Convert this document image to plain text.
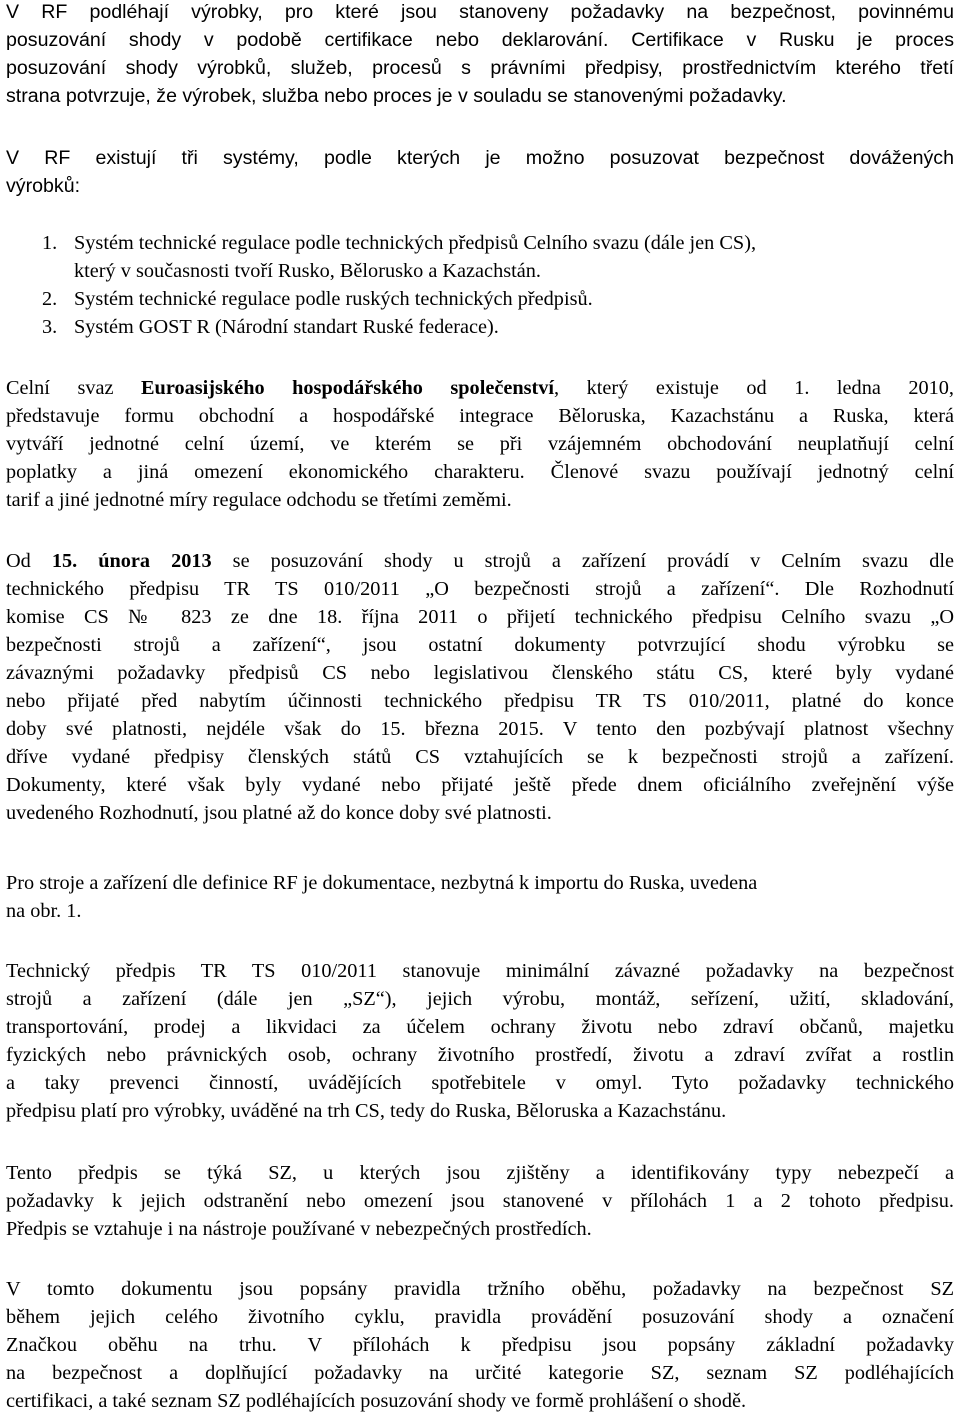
V RF podléhají výrobky, pro které jsou stanoveny požadavky na bezpečnost, povinnému
posuzování shody v podobě certifikace nebo deklarování. Certifikace v Rusku je proces
posuzování shody výrobků, služeb, procesů s právními předpisy, prostřednictvím kterého třetí
strana potvrzuje, že výrobek, služba nebo proces je v souladu se stanovenými požadavky.
V RF existují tři systémy, podle kterých je možno posuzovat bezpečnost dovážených
výrobků:
1. Systém technické regulace podle technických předpisů Celního svazu (dále jen CS),
který v současnosti tvoří Rusko, Bělorusko a Kazachstán.
2. Systém technické regulace podle ruských technických předpisů.
3. Systém GOST R (Národní standart Ruské federace).
Celní svaz Euroasijského hospodářského společenství, který existuje od 1. ledna 2010,
představuje formu obchodní a hospodářské integrace Běloruska, Kazachstánu a Ruska, která
vytváří jednotné celní území, ve kterém se při vzájemném obchodování neuplatňují celní
poplatky a jiná omezení ekonomického charakteru. Členové svazu používají jednotný celní
tarif a jiné jednotné míry regulace odchodu se třetími zeměmi.
Od 15. února 2013 se posuzování shody u strojů a zařízení provádí v Celním svazu dle
technického předpisu TR TS 010/2011 „O bezpečnosti strojů a zařízení“. Dle Rozhodnutí
komise CS № 823 ze dne 18. října 2011 o přijetí technického předpisu Celního svazu „O
bezpečnosti strojů a zařízení“, jsou ostatní dokumenty potvrzující shodu výrobku se
závaznými požadavky předpisů CS nebo legislativou členského státu CS, které byly vydané
nebo přijaté před nabytím účinnosti technického předpisu TR TS 010/2011, platné do konce
doby své platnosti, nejdéle však do 15. března 2015. V tento den pozbývají platnost všechny
dříve vydané předpisy členských států CS vztahujících se k bezpečnosti strojů a zařízení.
Dokumenty, které však byly vydané nebo přijaté ještě přede dnem oficiálního zveřejnění výše
uvedeného Rozhodnutí, jsou platné až do konce doby své platnosti.
Pro stroje a zařízení dle definice RF je dokumentace, nezbytná k importu do Ruska, uvedena
na obr. 1.
Technický předpis TR TS 010/2011 stanovuje minimální závazné požadavky na bezpečnost
strojů a zařízení (dále jen „SZ“), jejich výrobu, montáž, seřízení, užití, skladování,
transportování, prodej a likvidaci za účelem ochrany životu nebo zdraví občanů, majetku
fyzických nebo právnických osob, ochrany životního prostředí, životu a zdraví zvířat a rostlin
a taky prevenci činností, uvádějících spotřebitele v omyl. Tyto požadavky technického
předpisu platí pro výrobky, uváděné na trh CS, tedy do Ruska, Běloruska a Kazachstánu.
Tento předpis se týká SZ, u kterých jsou zjištěny a identifikovány typy nebezpečí a
požadavky k jejich odstranění nebo omezení jsou stanovené v přílohách 1 a 2 tohoto předpisu.
Předpis se vztahuje i na nástroje používané v nebezpečných prostředích.
V tomto dokumentu jsou popsány pravidla tržního oběhu, požadavky na bezpečnost SZ
během jejich celého životního cyklu, pravidla provádění posuzování shody a označení
Značkou oběhu na trhu. V přílohách k předpisu jsou popsány základní požadavky
na bezpečnost a doplňující požadavky na určité kategorie SZ, seznam SZ podléhajících
certifikaci, a také seznam SZ podléhajících posuzování shody ve formě prohlášení o shodě.
